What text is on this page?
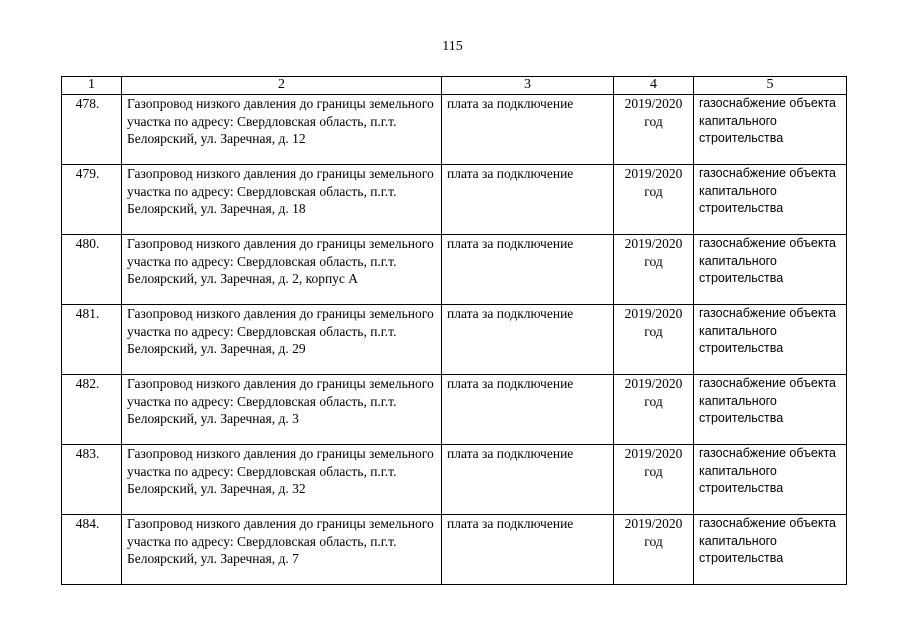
115
1	2	3	4	5
478.	Газопровод низкого давления до границы земельного участка по адресу: Свердловская область, п.г.т. Белоярский, ул. Заречная, д. 12	плата за подключение	2019/2020 год	газоснабжение объекта капитального строительства
479.	Газопровод низкого давления до границы земельного участка по адресу: Свердловская область, п.г.т. Белоярский, ул. Заречная, д. 18	плата за подключение	2019/2020 год	газоснабжение объекта капитального строительства
480.	Газопровод низкого давления до границы земельного участка по адресу: Свердловская область, п.г.т. Белоярский, ул. Заречная, д. 2, корпус А	плата за подключение	2019/2020 год	газоснабжение объекта капитального строительства
481.	Газопровод низкого давления до границы земельного участка по адресу: Свердловская область, п.г.т. Белоярский, ул. Заречная, д. 29	плата за подключение	2019/2020 год	газоснабжение объекта капитального строительства
482.	Газопровод низкого давления до границы земельного участка по адресу: Свердловская область, п.г.т. Белоярский, ул. Заречная, д. 3	плата за подключение	2019/2020 год	газоснабжение объекта капитального строительства
483.	Газопровод низкого давления до границы земельного участка по адресу: Свердловская область, п.г.т. Белоярский, ул. Заречная, д. 32	плата за подключение	2019/2020 год	газоснабжение объекта капитального строительства
484.	Газопровод низкого давления до границы земельного участка по адресу: Свердловская область, п.г.т. Белоярский, ул. Заречная, д. 7	плата за подключение	2019/2020 год	газоснабжение объекта капитального строительства
